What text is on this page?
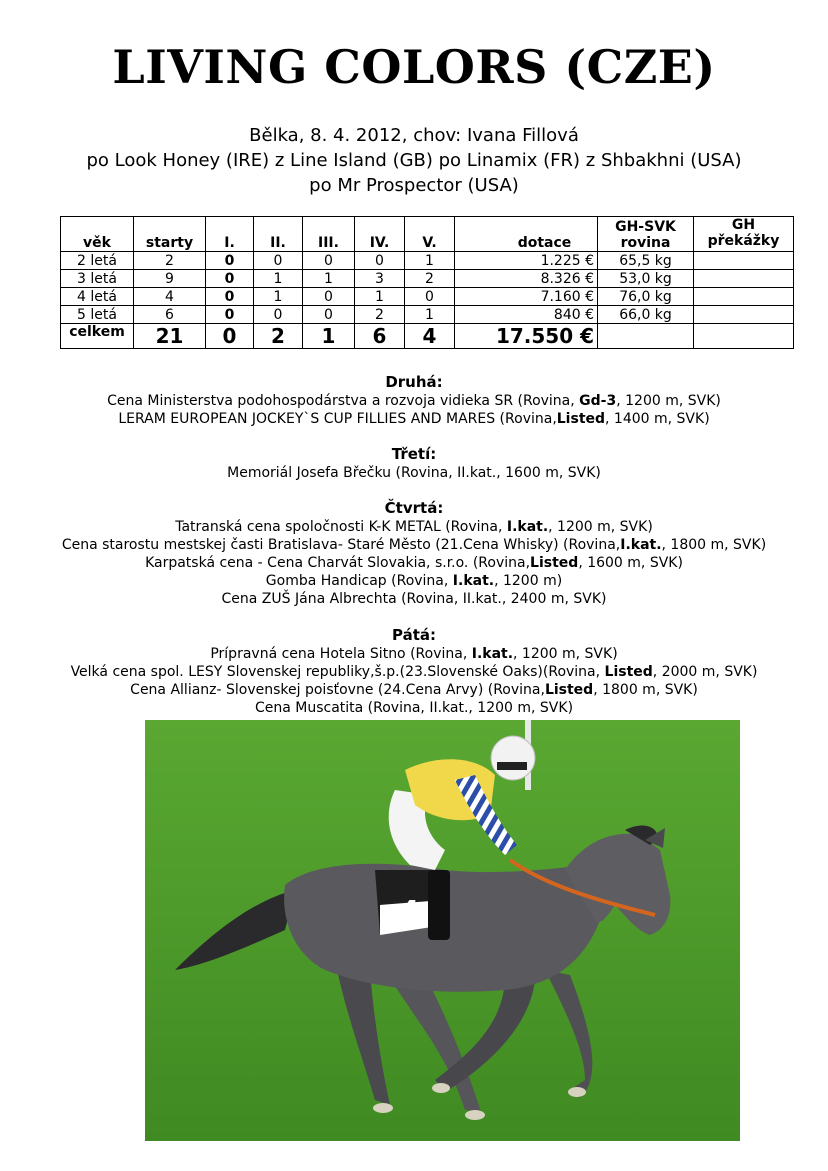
LIVING COLORS (CZE)
Bělka, 8. 4. 2012, chov: Ivana Fillová
po Look Honey (IRE) z Line Island (GB) po Linamix (FR) z Shbakhni (USA)
po Mr Prospector (USA)
věk	starty	I.	II.	III.	IV.	V.	dotace	GH-SVK rovina	GH překážky
2 letá	2	0	0	0	0	1	1.225 €	65,5 kg	
3 letá	9	0	1	1	3	2	8.326 €	53,0 kg	
4 letá	4	0	1	0	1	0	7.160 €	76,0 kg	
5 letá	6	0	0	0	2	1	840 €	66,0 kg	
celkem	21	0	2	1	6	4	17.550 €		
Druhá:
Cena Ministerstva podohospodárstva a rozvoja vidieka SR (Rovina, Gd-3, 1200 m, SVK)
LERAM EUROPEAN JOCKEY`S CUP FILLIES AND MARES (Rovina,Listed, 1400 m, SVK)
Třetí:
Memoriál Josefa Břečku (Rovina, II.kat., 1600 m, SVK)
Čtvrtá:
Tatranská cena spoločnosti K-K METAL (Rovina, I.kat., 1200 m, SVK)
Cena starostu mestskej časti Bratislava- Staré Město (21.Cena Whisky) (Rovina,I.kat., 1800 m, SVK)
Karpatská cena - Cena Charvát Slovakia, s.r.o. (Rovina,Listed, 1600 m, SVK)
Gomba Handicap (Rovina, I.kat., 1200 m)
Cena ZUŠ Jána Albrechta (Rovina, II.kat., 2400 m, SVK)
Pátá:
Prípravná cena Hotela Sitno (Rovina, I.kat., 1200 m, SVK)
Velká cena spol. LESY Slovenskej republiky,š.p.(23.Slovenské Oaks)(Rovina, Listed, 2000 m, SVK)
Cena Allianz- Slovenskej poisťovne (24.Cena Arvy) (Rovina,Listed, 1800 m, SVK)
Cena Muscatita (Rovina, II.kat., 1200 m, SVK)
4
